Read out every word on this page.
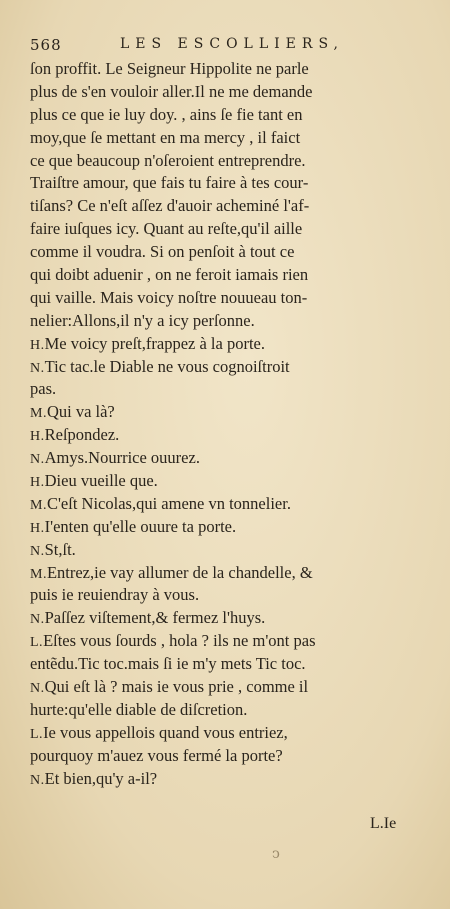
568	LES ESCOLLIERS,
ſon proffit. Le Seigneur Hippolite ne parle
plus de s'en vouloir aller.Il ne me demande
plus ce que ie luy doy. , ains ſe fie tant en
moy,que ſe mettant en ma mercy , il faict
ce que beaucoup n'oſeroient entreprendre.
Traiſtre amour, que fais tu faire à tes cour-
tiſans? Ce n'eſt aſſez d'auoir acheminé l'af-
faire iuſques icy. Quant au reſte,qu'il aille
comme il voudra. Si on penſoit à tout ce
qui doibt aduenir , on ne feroit iamais rien
qui vaille. Mais voicy noſtre nouueau ton-
nelier:Allons,il n'y a icy perſonne.
H.Me voicy preſt,frappez à la porte.
N.Tic tac.le Diable ne vous cognoiſtroit
pas.
M.Qui va là?
H.Reſpondez.
N.Amys.Nourrice ouurez.
H.Dieu vueille que.
M.C'eſt Nicolas,qui amene vn tonnelier.
H.I'enten qu'elle ouure ta porte.
N.St,ſt.
M.Entrez,ie vay allumer de la chandelle, &
puis ie reuiendray à vous.
N.Paſſez viſtement,& fermez l'huys.
L.Eſtes vous ſourds , hola ? ils ne m'ont pas
entẽdu.Tic toc.mais ſi ie m'y mets Tic toc.
N.Qui eſt là ? mais ie vous prie , comme il
hurte:qu'elle diable de diſcretion.
L.Ie vous appellois quand vous entriez,
pourquoy m'auez vous fermé la porte?
N.Et bien,qu'y a-il?
L.Ie
ↄ
